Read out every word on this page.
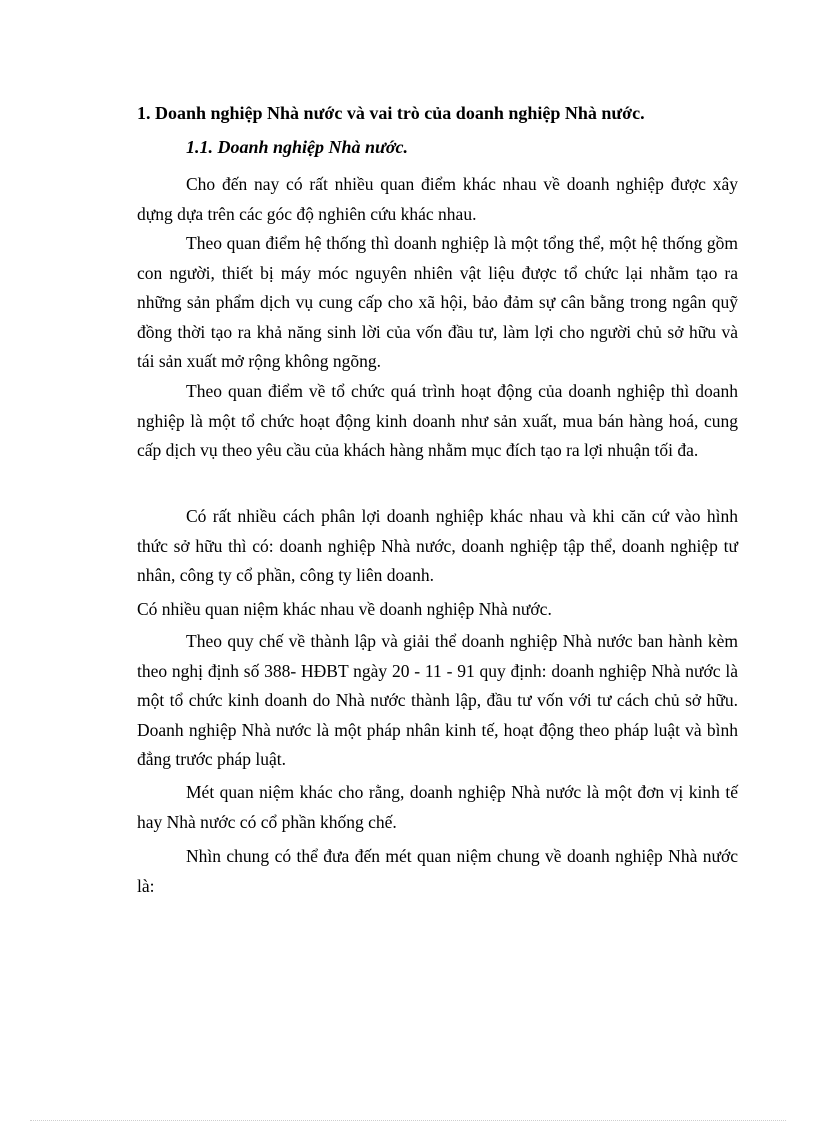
1. Doanh nghiệp Nhà nước và vai trò của doanh nghiệp Nhà nước.
1.1. Doanh nghiệp Nhà nước.

Cho đến nay có rất nhiều quan điểm khác nhau về doanh nghiệp được xây dựng dựa trên các góc độ nghiên cứu khác nhau.

Theo quan điểm hệ thống thì doanh nghiệp là một tổng thể, một hệ thống gồm con người, thiết bị máy móc nguyên nhiên vật liệu được tổ chức lại nhằm tạo ra những sản phẩm dịch vụ cung cấp cho xã hội, bảo đảm sự cân bằng trong ngân quỹ đồng thời tạo ra khả năng sinh lời của vốn đầu tư, làm lợi cho người chủ sở hữu và tái sản xuất mở rộng không ngõng.

Theo quan điểm về tổ chức quá trình hoạt động của doanh nghiệp thì doanh nghiệp là một tổ chức hoạt động kinh doanh như sản xuất, mua bán hàng hoá, cung cấp dịch vụ theo yêu cầu của khách hàng nhằm mục đích tạo ra lợi nhuận tối đa.

Có rất nhiều cách phân lợi doanh nghiệp khác nhau và khi căn cứ vào hình thức sở hữu thì có: doanh nghiệp Nhà nước, doanh nghiệp tập thể, doanh nghiệp tư nhân, công ty cổ phần, công ty liên doanh.

Có nhiều quan niệm khác nhau về doanh nghiệp Nhà nước.

Theo quy chế về thành lập và giải thể doanh nghiệp Nhà nước ban hành kèm theo nghị định số 388- HĐBT ngày 20 - 11 - 91 quy định: doanh nghiệp Nhà nước là một tổ chức kinh doanh do Nhà nước thành lập, đầu tư vốn với tư cách chủ sở hữu. Doanh nghiệp Nhà nước là một pháp nhân kinh tế, hoạt động theo pháp luật và bình đẳng trước pháp luật.

Mét quan niệm khác cho rằng, doanh nghiệp Nhà nước là một đơn vị kinh tế hay Nhà nước có cổ phần khống chế.

Nhìn chung có thể đưa đến mét quan niệm chung về doanh nghiệp Nhà nước là:
